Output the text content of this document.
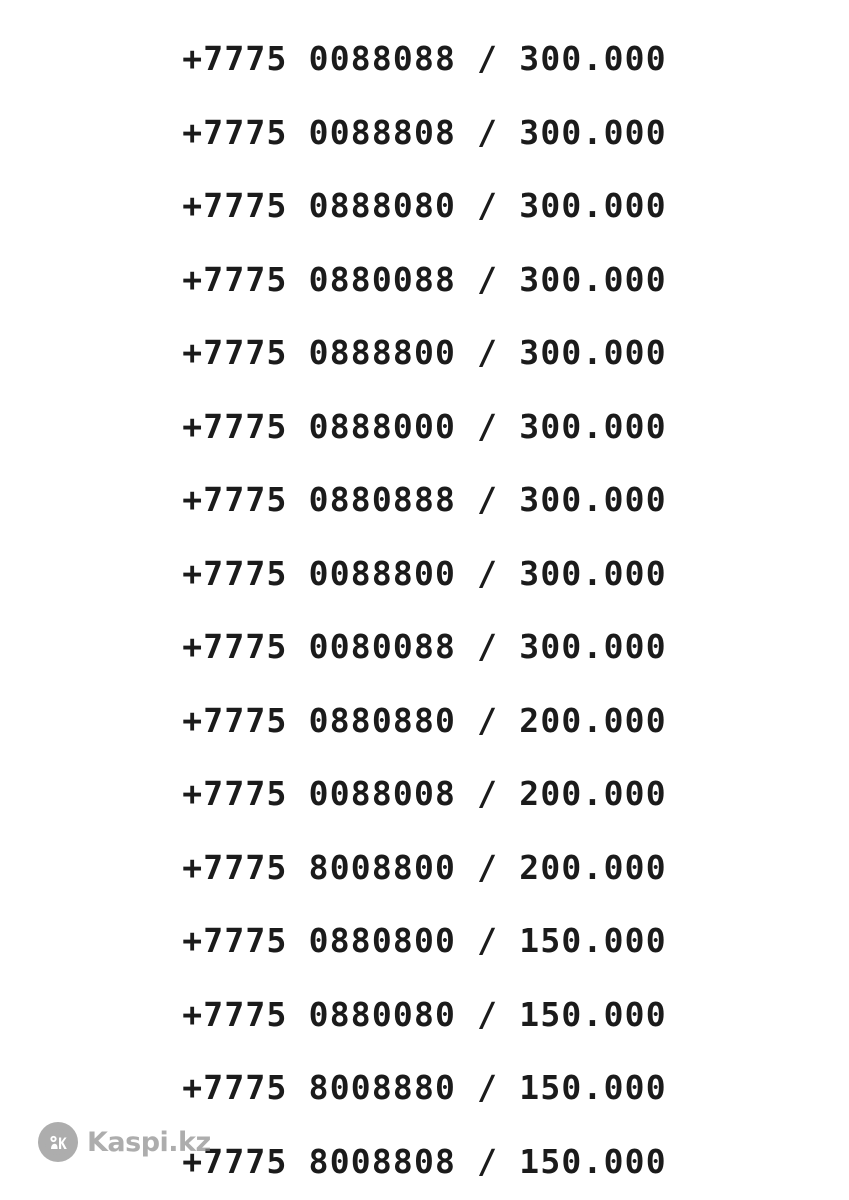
+7775 0088088 / 300.000
+7775 0088808 / 300.000
+7775 0888080 / 300.000
+7775 0880088 / 300.000
+7775 0888800 / 300.000
+7775 0888000 / 300.000
+7775 0880888 / 300.000
+7775 0088800 / 300.000
+7775 0080088 / 300.000
+7775 0880880 / 200.000
+7775 0088008 / 200.000
+7775 8008800 / 200.000
+7775 0880800 / 150.000
+7775 0880080 / 150.000
+7775 8008880 / 150.000
+7775 8008808 / 150.000
Kaspi.kz
